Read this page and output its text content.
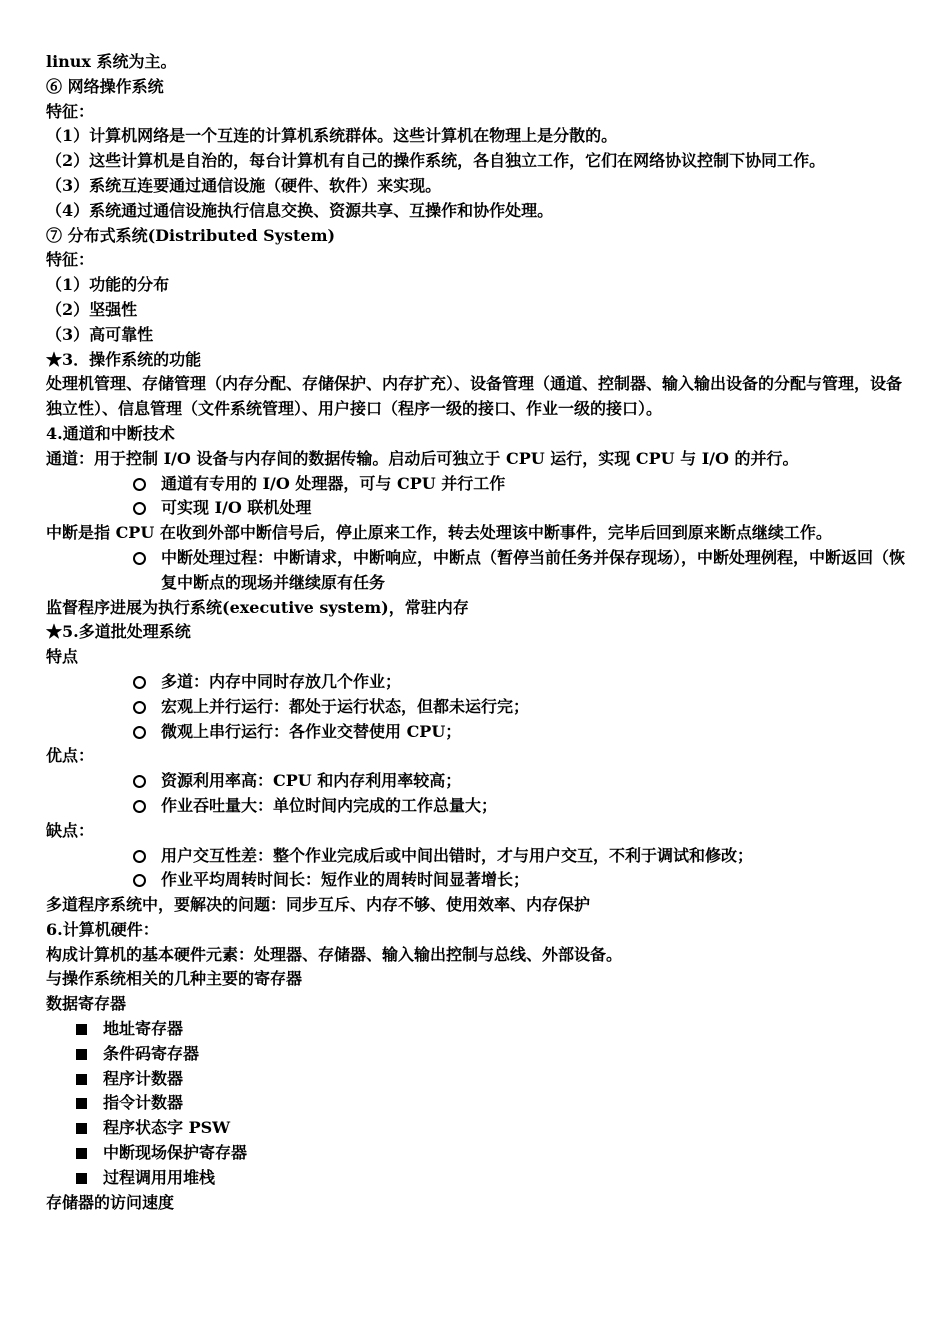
linux 系统为主。
⑥ 网络操作系统
特征：
（1）计算机网络是一个互连的计算机系统群体。这些计算机在物理上是分散的。
（2）这些计算机是自治的，每台计算机有自己的操作系统，各自独立工作，它们在网络协议控制下协同工作。
（3）系统互连要通过通信设施（硬件、软件）来实现。
（4）系统通过通信设施执行信息交换、资源共享、互操作和协作处理。
⑦ 分布式系统(Distributed System)
特征：
（1）功能的分布
（2）坚强性
（3）高可靠性
★3．操作系统的功能
处理机管理、存储管理（内存分配、存储保护、内存扩充）、设备管理（通道、控制器、输入输出设备的分配与管理，设备独立性）、信息管理（文件系统管理）、用户接口（程序一级的接口、作业一级的接口）。
4.通道和中断技术
通道：用于控制 I/O 设备与内存间的数据传输。启动后可独立于 CPU 运行，实现 CPU 与 I/O 的并行。
通道有专用的 I/O 处理器，可与 CPU 并行工作
可实现 I/O 联机处理
中断是指 CPU 在收到外部中断信号后，停止原来工作，转去处理该中断事件，完毕后回到原来断点继续工作。
中断处理过程：中断请求，中断响应，中断点（暂停当前任务并保存现场），中断处理例程，中断返回（恢复中断点的现场并继续原有任务
监督程序进展为执行系统(executive system)，常驻内存
★5.多道批处理系统
特点
多道：内存中同时存放几个作业；
宏观上并行运行：都处于运行状态，但都未运行完；
微观上串行运行：各作业交替使用 CPU；
优点：
资源利用率高：CPU 和内存利用率较高；
作业吞吐量大：单位时间内完成的工作总量大；
缺点：
用户交互性差：整个作业完成后或中间出错时，才与用户交互，不利于调试和修改；
作业平均周转时间长：短作业的周转时间显著增长；
多道程序系统中，要解决的问题：同步互斥、内存不够、使用效率、内存保护
6.计算机硬件：
构成计算机的基本硬件元素：处理器、存储器、输入输出控制与总线、外部设备。
与操作系统相关的几种主要的寄存器
数据寄存器
地址寄存器
条件码寄存器
程序计数器
指令计数器
程序状态字 PSW
中断现场保护寄存器
过程调用用堆栈
存储器的访问速度
